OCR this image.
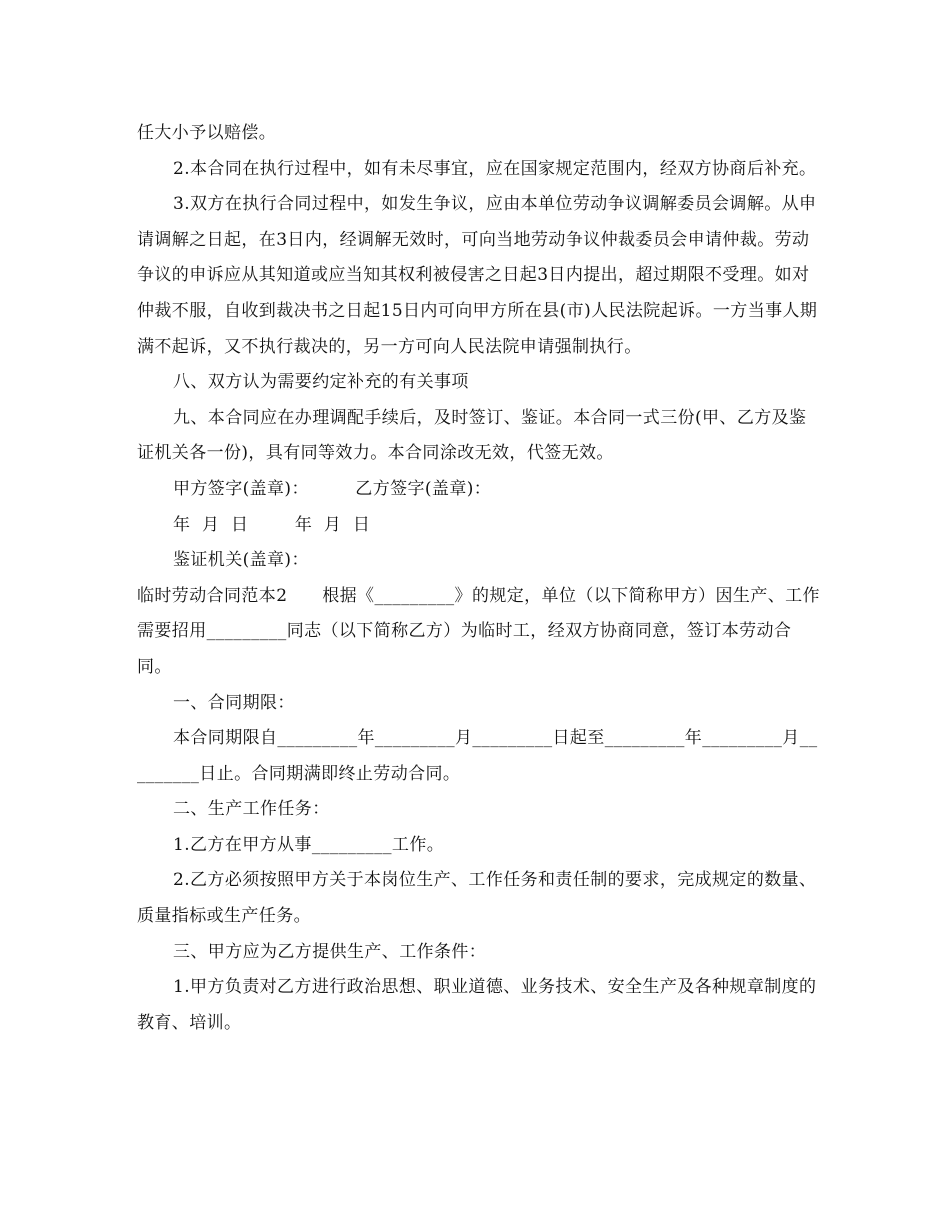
任大小予以赔偿。

2.本合同在执行过程中，如有未尽事宜，应在国家规定范围内，经双方协商后补充。

3.双方在执行合同过程中，如发生争议，应由本单位劳动争议调解委员会调解。从申请调解之日起，在3日内，经调解无效时，可向当地劳动争议仲裁委员会申请仲裁。劳动争议的申诉应从其知道或应当知其权利被侵害之日起3日内提出，超过期限不受理。如对仲裁不服，自收到裁决书之日起15日内可向甲方所在县(市)人民法院起诉。一方当事人期满不起诉，又不执行裁决的，另一方可向人民法院申请强制执行。

八、双方认为需要约定补充的有关事项

九、本合同应在办理调配手续后，及时签订、鉴证。本合同一式三份(甲、乙方及鉴证机关各一份)，具有同等效力。本合同涂改无效，代签无效。

甲方签字(盖章)：        乙方签字(盖章)：

年  月  日        年  月  日

鉴证机关(盖章)：

临时劳动合同范本2      根据《_________》的规定，单位（以下简称甲方）因生产、工作需要招用_________同志（以下简称乙方）为临时工，经双方协商同意，签订本劳动合同。

一、合同期限：

本合同期限自_________年_________月_________日起至_________年_________月_________日止。合同期满即终止劳动合同。

二、生产工作任务：

1.乙方在甲方从事_________工作。

2.乙方必须按照甲方关于本岗位生产、工作任务和责任制的要求，完成规定的数量、质量指标或生产任务。

三、甲方应为乙方提供生产、工作条件：

1.甲方负责对乙方进行政治思想、职业道德、业务技术、安全生产及各种规章制度的教育、培训。
